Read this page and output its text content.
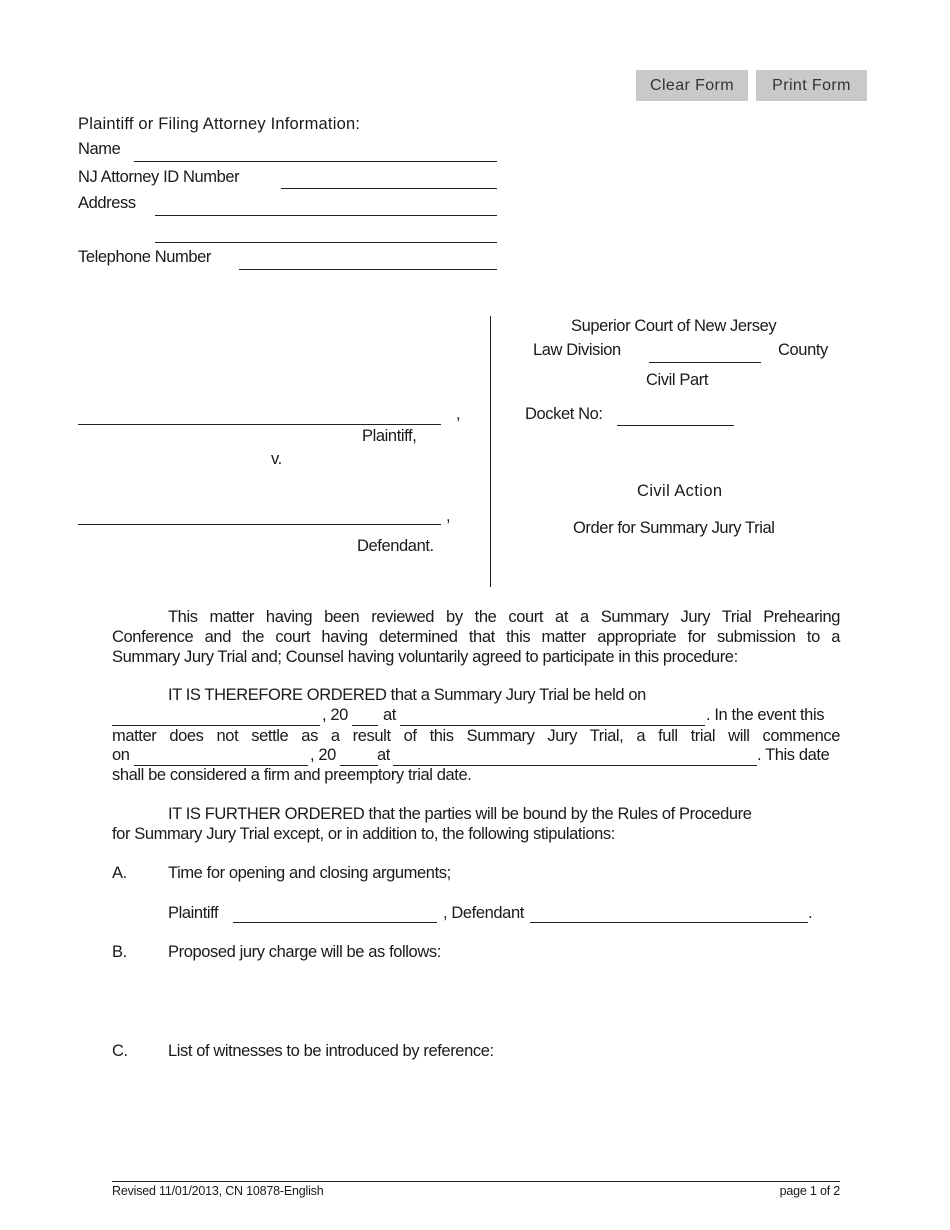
Clear Form	Print Form
Plaintiff or Filing Attorney Information:
Name
NJ Attorney ID Number
Address
Telephone Number
,
Plaintiff,
v.
,
Defendant.
Superior Court of New Jersey
Law Division	County
Civil Part
Docket No:
Civil Action
Order for Summary Jury Trial
This matter having been reviewed by the court at a Summary Jury Trial Prehearing
Conference and the court having determined that this matter appropriate for submission to a
Summary Jury Trial and; Counsel having voluntarily agreed to participate in this procedure:
IT IS THEREFORE ORDERED that a Summary Jury Trial be held on
, 20 at	. In the event this
matter does not settle as a result of this Summary Jury Trial, a full trial will commence
on	, 20 at	. This date
shall be considered a firm and preemptory trial date.
IT IS FURTHER ORDERED that the parties will be bound by the Rules of Procedure
for Summary Jury Trial except, or in addition to, the following stipulations:
A. Time for opening and closing arguments;
Plaintiff	, Defendant	.
B. Proposed jury charge will be as follows:
C. List of witnesses to be introduced by reference:
Revised 11/01/2013, CN 10878-English	page 1 of 2
